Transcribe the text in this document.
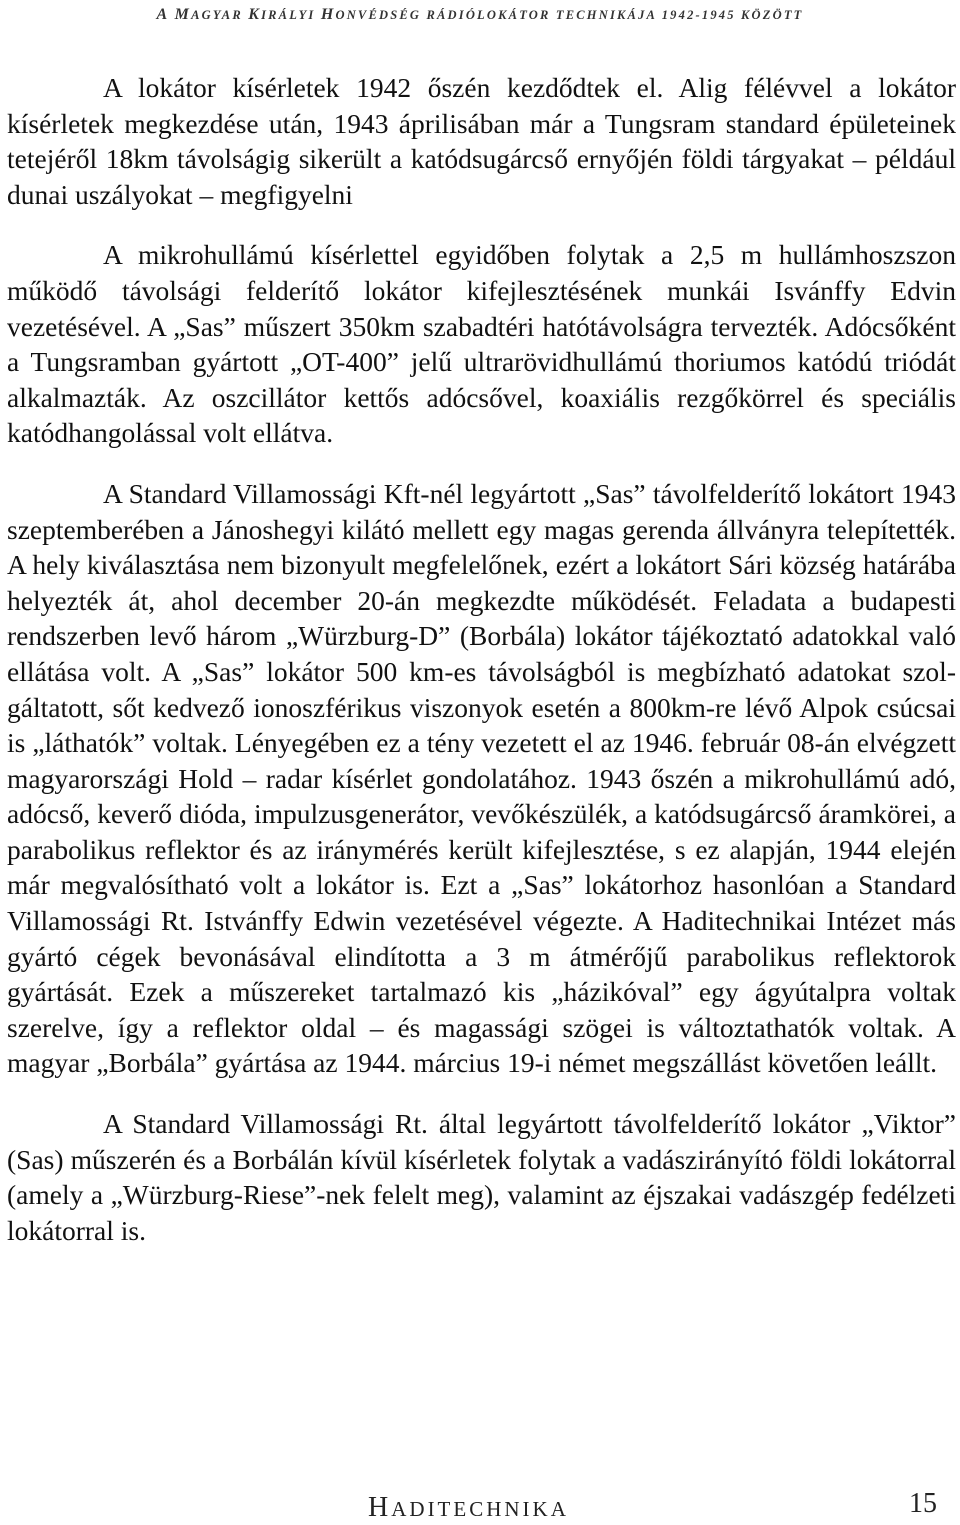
A MAGYAR KIRÁLYI HONVÉDSÉG RÁDIÓLOKÁTOR TECHNIKÁJA 1942-1945 KÖZÖTT

A lokátor kísérletek 1942 őszén kezdődtek el. Alig félévvel a lokátor kísérletek megkezdése után, 1943 áprilisában már a Tungsram standard épületeinek tetejéről 18km távolságig sikerült a katódsugárcső ernyőjén földi tárgyakat – például dunai uszályokat – megfigyelni

A mikrohullámú kísérlettel egyidőben folytak a 2,5 m hullámhoszszon működő távolsági felderítő lokátor kifejlesztésének munkái Isvánffy Edvin vezetésével. A „Sas” műszert 350km szabadtéri hatótávolságra tervezték. Adócsőként a Tungsramban gyártott „OT-400” jelű ultrarövidhullámú thoriumos katódú triódát alkalmazták. Az oszcillátor kettős adócsővel, koaxiális rezgőkörrel és speciális katódhangolással volt ellátva.

A Standard Villamossági Kft-nél legyártott „Sas” távolfelderítő lokátort 1943 szeptemberében a Jánoshegyi kilátó mellett egy magas gerenda állványra telepítették. A hely kiválasztása nem bizonyult megfelelőnek, ezért a lokátort Sári község határába helyezték át, ahol december 20-án megkezdte működését. Feladata a budapesti rendszerben levő három „Würzburg-D” (Borbála) lokátor tájékoztató adatokkal való ellátása volt. A „Sas” lokátor 500 km-es távolságból is megbízható adatokat szolgáltatott, sőt kedvező ionoszférikus viszonyok esetén a 800km-re lévő Alpok csúcsai is „láthatók” voltak. Lényegében ez a tény vezetett el az 1946. február 08-án elvégzett magyarországi Hold – radar kísérlet gondolatához. 1943 őszén a mikrohullámú adó, adócső, keverő dióda, impulzusgenerátor, vevőkészülék, a katódsugárcső áramkörei, a parabolikus reflektor és az iránymérés került kifejlesztése, s ez alapján, 1944 elején már megvalósítható volt a lokátor is. Ezt a „Sas” lokátorhoz hasonlóan a Standard Villamossági Rt. Istvánffy Edwin vezetésével végezte. A Haditechnikai Intézet más gyártó cégek bevonásával elindította a 3 m átmérőjű parabolikus reflektorok gyártását. Ezek a műszereket tartalmazó kis „házikóval” egy ágyútalpra voltak szerelve, így a reflektor oldal – és magassági szögei is változtathatók voltak. A magyar „Borbála” gyártása az 1944. március 19-i német megszállást követően leállt.

A Standard Villamossági Rt. által legyártott távolfelderítő lokátor „Viktor” (Sas) műszerén és a Borbálán kívül kísérletek folytak a vadászirányító földi lokátorral (amely a „Würzburg-Riese”-nek felelt meg), valamint az éjszakai vadászgép fedélzeti lokátorral is.

HADITECHNIKA	15
